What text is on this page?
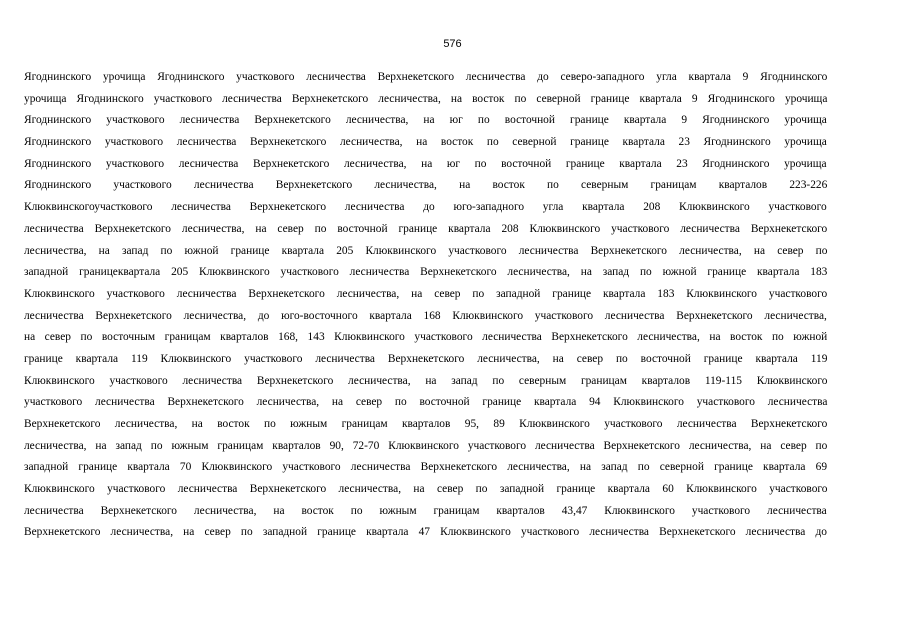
576
Ягоднинского урочища Ягоднинского участкового лесничества Верхнекетского лесничества до северо-западного угла квартала 9 Ягоднинского
урочища Ягоднинского участкового лесничества Верхнекетского лесничества, на восток по северной границе квартала 9 Ягоднинского урочища
Ягоднинского участкового лесничества Верхнекетского лесничества, на юг по восточной границе квартала 9 Ягоднинского урочища
Ягоднинского участкового лесничества Верхнекетского лесничества, на восток по северной границе квартала 23 Ягоднинского урочища
Ягоднинского участкового лесничества Верхнекетского лесничества, на юг по восточной границе квартала 23 Ягоднинского урочища
Ягоднинского участкового лесничества Верхнекетского лесничества, на восток по северным границам кварталов 223-226
Клюквинскогоучасткового лесничества Верхнекетского лесничества до юго-западного угла квартала 208 Клюквинского участкового
лесничества Верхнекетского лесничества, на север по восточной границе квартала 208 Клюквинского участкового лесничества Верхнекетского
лесничества, на запад по южной границе квартала 205 Клюквинского участкового лесничества Верхнекетского лесничества, на север по
западной границеквартала 205 Клюквинского участкового лесничества Верхнекетского лесничества, на запад по южной границе квартала 183
Клюквинского участкового лесничества Верхнекетского лесничества, на север по западной границе квартала 183 Клюквинского участкового
лесничества Верхнекетского лесничества, до юго-восточного квартала 168 Клюквинского участкового лесничества Верхнекетского лесничества,
на север по восточным границам кварталов 168, 143 Клюквинского участкового лесничества Верхнекетского лесничества, на восток по южной
границе квартала 119 Клюквинского участкового лесничества Верхнекетского лесничества, на север по восточной границе квартала 119
Клюквинского участкового лесничества Верхнекетского лесничества, на запад по северным границам кварталов 119-115 Клюквинского
участкового лесничества Верхнекетского лесничества, на север по восточной границе квартала 94 Клюквинского участкового лесничества
Верхнекетского лесничества, на восток по южным границам кварталов 95, 89 Клюквинского участкового лесничества Верхнекетского
лесничества, на запад по южным границам кварталов 90, 72-70 Клюквинского участкового лесничества Верхнекетского лесничества, на север по
западной границе квартала 70 Клюквинского участкового лесничества Верхнекетского лесничества, на запад по северной границе квартала 69
Клюквинского участкового лесничества Верхнекетского лесничества, на север по западной границе квартала 60 Клюквинского участкового
лесничества Верхнекетского лесничества, на восток по южным границам кварталов 43,47 Клюквинского участкового лесничества
Верхнекетского лесничества, на север по западной границе квартала 47 Клюквинского участкового лесничества Верхнекетского лесничества до
